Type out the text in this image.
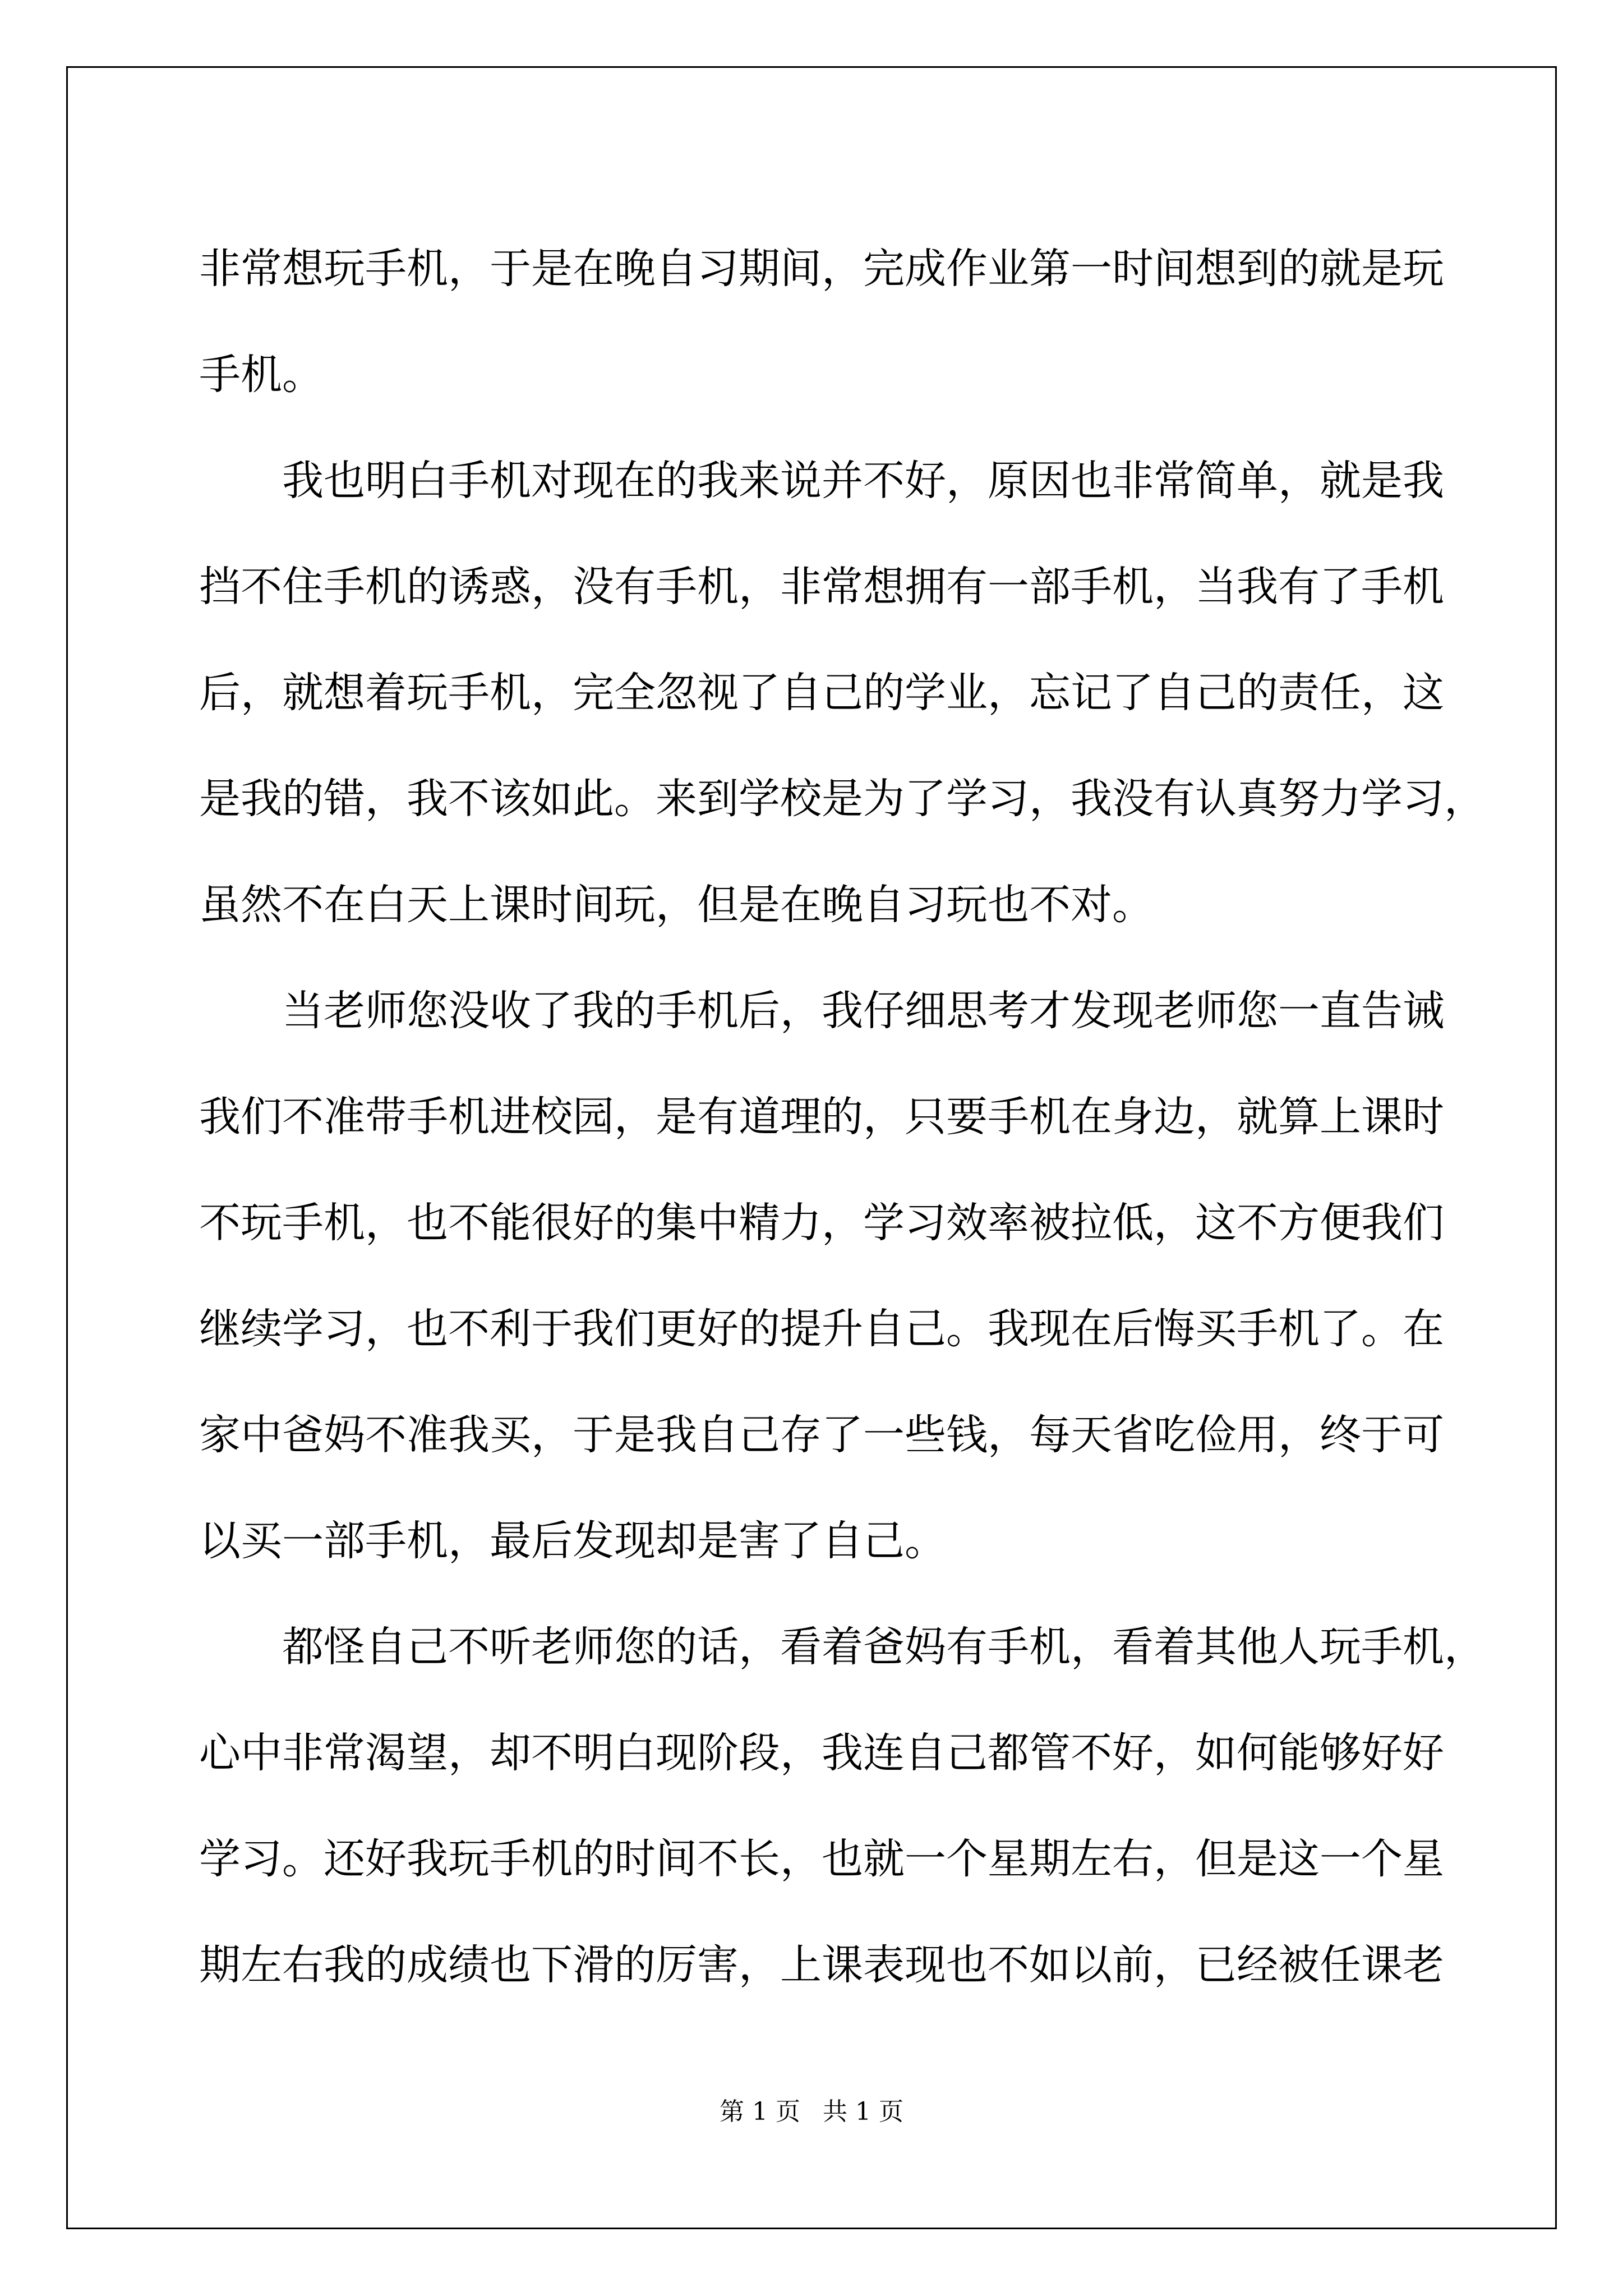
非常想玩手机，于是在晚自习期间，完成作业第一时间想到的就是玩
手机。

我也明白手机对现在的我来说并不好，原因也非常简单，就是我
挡不住手机的诱惑，没有手机，非常想拥有一部手机，当我有了手机
后，就想着玩手机，完全忽视了自己的学业，忘记了自己的责任，这
是我的错，我不该如此。来到学校是为了学习，我没有认真努力学习，
虽然不在白天上课时间玩，但是在晚自习玩也不对。

当老师您没收了我的手机后，我仔细思考才发现老师您一直告诫
我们不准带手机进校园，是有道理的，只要手机在身边，就算上课时
不玩手机，也不能很好的集中精力，学习效率被拉低，这不方便我们
继续学习，也不利于我们更好的提升自己。我现在后悔买手机了。在
家中爸妈不准我买，于是我自己存了一些钱，每天省吃俭用，终于可
以买一部手机，最后发现却是害了自己。

都怪自己不听老师您的话，看着爸妈有手机，看着其他人玩手机，
心中非常渴望，却不明白现阶段，我连自己都管不好，如何能够好好
学习。还好我玩手机的时间不长，也就一个星期左右，但是这一个星
期左右我的成绩也下滑的厉害，上课表现也不如以前，已经被任课老

第 1 页 共 1 页
